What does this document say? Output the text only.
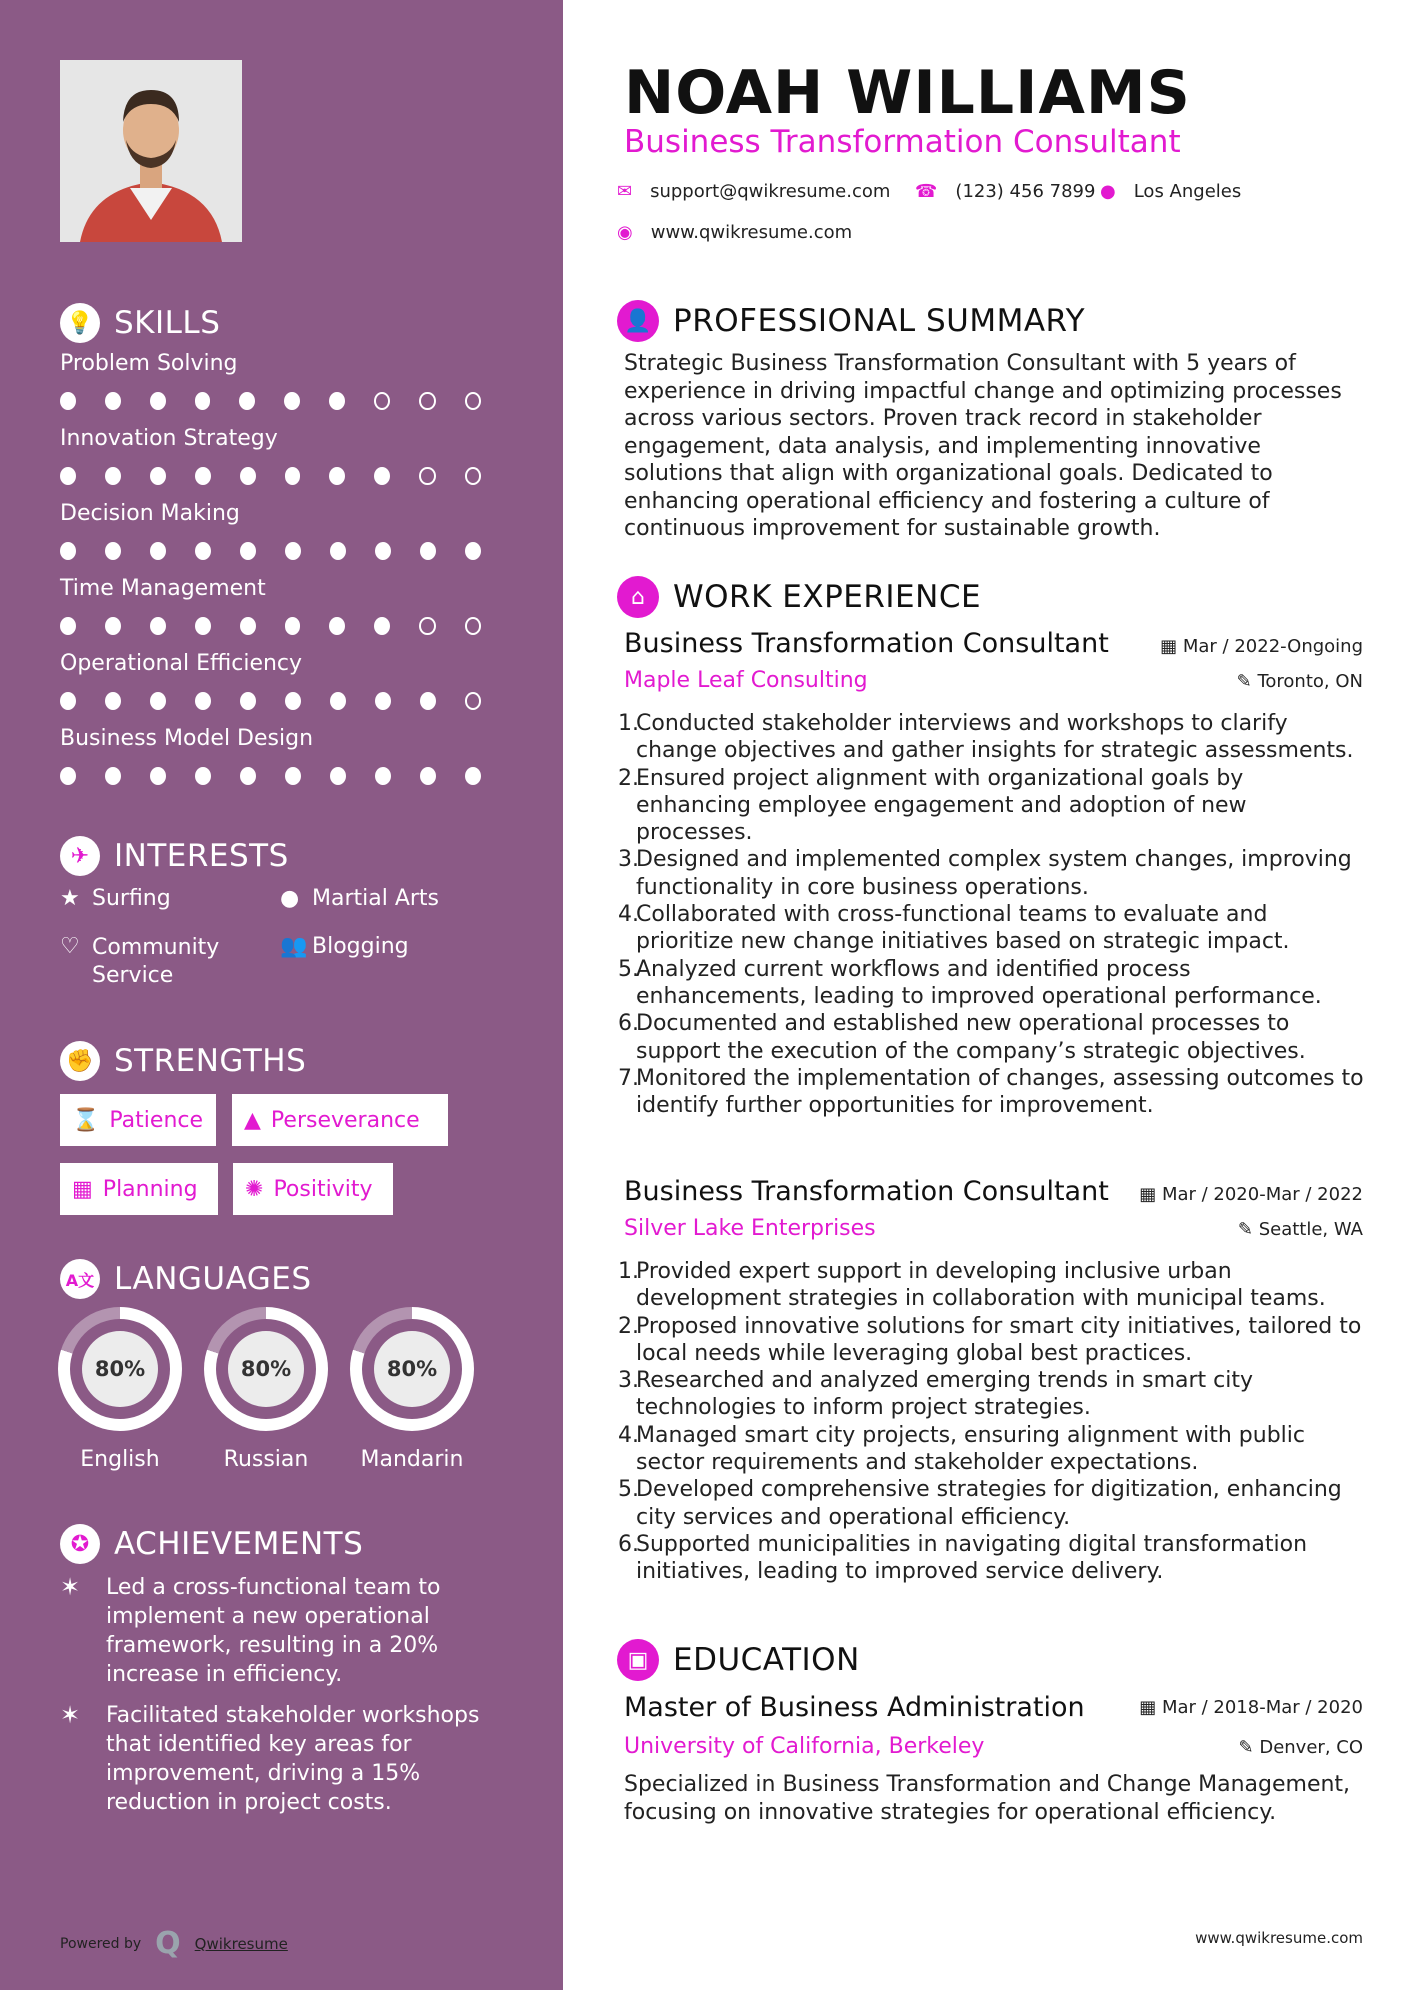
💡 SKILLS
Problem Solving
Innovation Strategy
Decision Making
Time Management
Operational Efficiency
Business Model Design
✈ INTERESTS
★ Surfing	● Martial Arts
♡ Community Service
👥 Blogging
✊ STRENGTHS
⌛ Patience ▲ Perseverance
▦ Planning ✺ Positivity
A文 LANGUAGES
80%
English
80%
Russian
80%
Mandarin
✪ ACHIEVEMENTS
✶	Led a cross-functional team to implement a new operational framework, resulting in a 20% increase in efficiency.
✶	Facilitated stakeholder workshops that identified key areas for improvement, driving a 15% reduction in project costs.
Powered by Q Qwikresume
NOAH WILLIAMS
Business Transformation Consultant
✉ support@qwikresume.com ☎ (123) 456 7899 ● Los Angeles
◉ www.qwikresume.com
👤 PROFESSIONAL SUMMARY
Strategic Business Transformation Consultant with 5 years of experience in driving impactful change and optimizing processes across various sectors. Proven track record in stakeholder engagement, data analysis, and implementing innovative solutions that align with organizational goals. Dedicated to enhancing operational efficiency and fostering a culture of continuous improvement for sustainable growth.
⌂ WORK EXPERIENCE
Business Transformation Consultant	▦ Mar / 2022-Ongoing
Maple Leaf Consulting	✎ Toronto, ON
1.
Conducted stakeholder interviews and workshops to clarify change objectives and gather insights for strategic assessments.
2.
Ensured project alignment with organizational goals by enhancing employee engagement and adoption of new processes.
3.
Designed and implemented complex system changes, improving functionality in core business operations.
4.
Collaborated with cross-functional teams to evaluate and prioritize new change initiatives based on strategic impact.
5.
Analyzed current workflows and identified process enhancements, leading to improved operational performance.
6.
Documented and established new operational processes to support the execution of the company’s strategic objectives.
7.
Monitored the implementation of changes, assessing outcomes to identify further opportunities for improvement.
Business Transformation Consultant ▦ Mar / 2020-Mar / 2022
Silver Lake Enterprises	✎ Seattle, WA
1.
Provided expert support in developing inclusive urban development strategies in collaboration with municipal teams.
2.
Proposed innovative solutions for smart city initiatives, tailored to local needs while leveraging global best practices.
3.
Researched and analyzed emerging trends in smart city technologies to inform project strategies.
4.
Managed smart city projects, ensuring alignment with public sector requirements and stakeholder expectations.
5.
Developed comprehensive strategies for digitization, enhancing city services and operational efficiency.
6.
Supported municipalities in navigating digital transformation initiatives, leading to improved service delivery.
▣ EDUCATION
Master of Business Administration	▦ Mar / 2018-Mar / 2020
University of California, Berkeley	✎ Denver, CO
Specialized in Business Transformation and Change Management, focusing on innovative strategies for operational efficiency.
www.qwikresume.com
